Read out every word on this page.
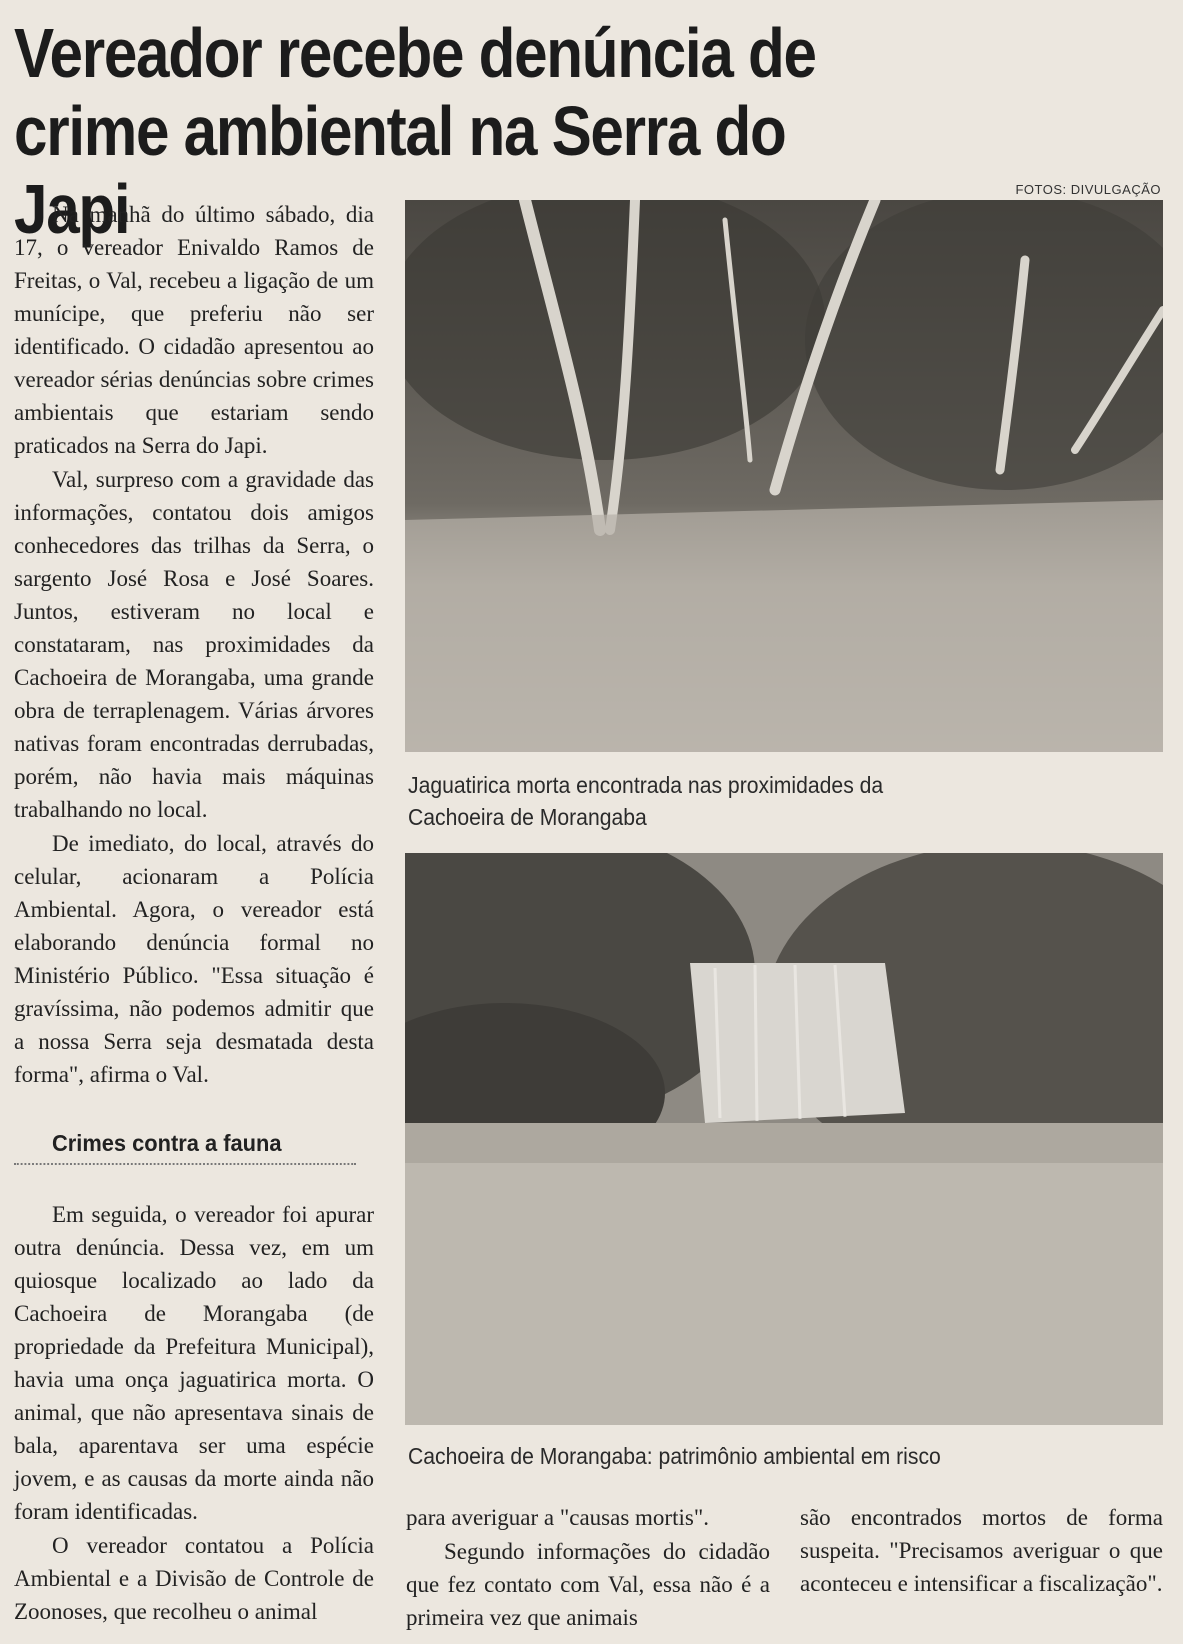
Vereador recebe denúncia de crime ambiental na Serra do Japi	FOTOS: DIVULGAÇÃO

Na manhã do último sábado, dia 17, o vereador Enivaldo Ramos de Freitas, o Val, recebeu a ligação de um munícipe, que preferiu não ser identificado. O cidadão apresentou ao vereador sérias denúncias sobre crimes ambientais que estariam sendo praticados na Serra do Japi.

Val, surpreso com a gravidade das informações, contatou dois amigos conhecedores das trilhas da Serra, o sargento José Rosa e José Soares. Juntos, estiveram no local e constataram, nas proximidades da Cachoeira de Morangaba, uma grande obra de terraplenagem. Várias árvores nativas foram encontradas derrubadas, porém, não havia mais máquinas trabalhando no local.

De imediato, do local, através do celular, acionaram a Polícia Ambiental. Agora, o vereador está elaborando denúncia formal no Ministério Público. "Essa situação é gravíssima, não podemos admitir que a nossa Serra seja desmatada desta forma", afirma o Val.

Crimes contra a fauna

Em seguida, o vereador foi apurar outra denúncia. Dessa vez, em um quiosque localizado ao lado da Cachoeira de Morangaba (de propriedade da Prefeitura Municipal), havia uma onça jaguatirica morta. O animal, que não apresentava sinais de bala, aparentava ser uma espécie jovem, e as causas da morte ainda não foram identificadas.

O vereador contatou a Polícia Ambiental e a Divisão de Controle de Zoonoses, que recolheu o animal

Jaguatirica morta encontrada nas proximidades da Cachoeira de Morangaba
Cachoeira de Morangaba: patrimônio ambiental em risco

para averiguar a "causas mortis".

Segundo informações do cidadão que fez contato com Val, essa não é a primeira vez que animais

são encontrados mortos de forma suspeita. "Precisamos averiguar o que aconteceu e intensificar a fiscalização".
